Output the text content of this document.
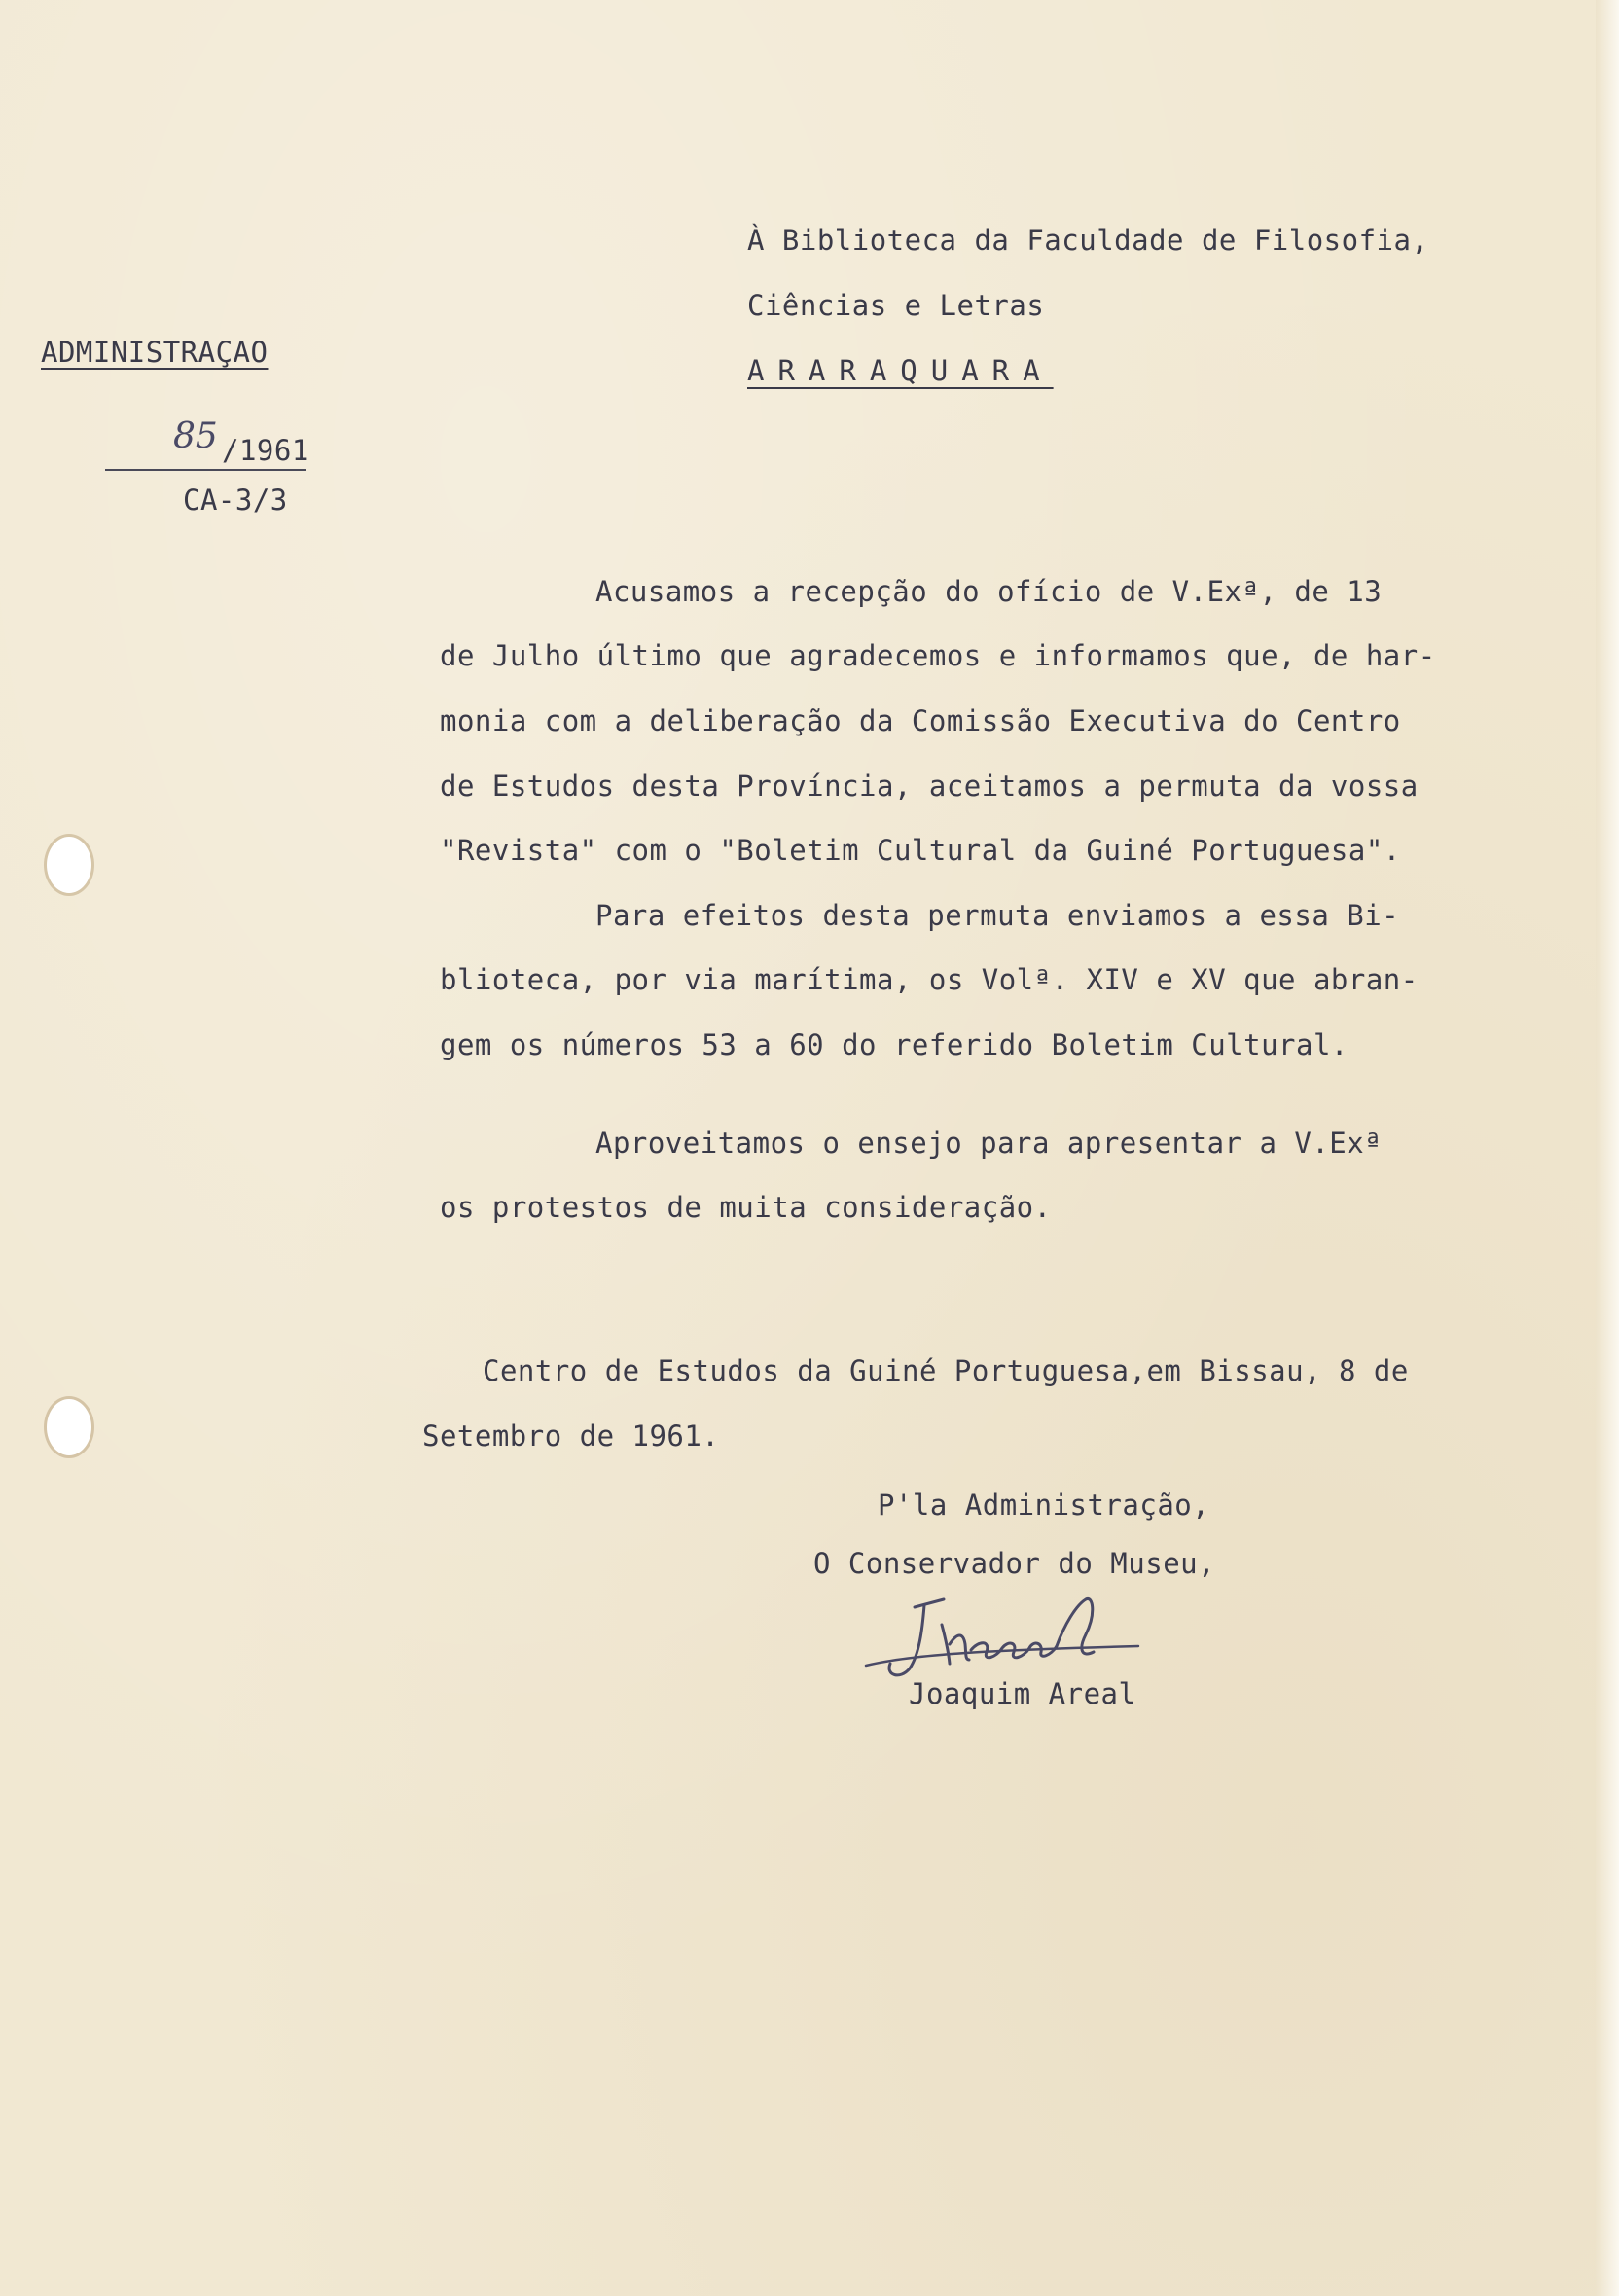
ADMINISTRAÇAO
85 /1961
CA-3/3
À Biblioteca da Faculdade de Filosofia,
Ciências e Letras
ARARAQUARA
Acusamos a recepção do ofício de V.Exª, de 13
de Julho último que agradecemos e informamos que, de har-
monia com a deliberação da Comissão Executiva do Centro
de Estudos desta Província, aceitamos a permuta da vossa
"Revista" com o "Boletim Cultural da Guiné Portuguesa".
Para efeitos desta permuta enviamos a essa Bi-
blioteca, por via marítima, os Volª. XIV e XV que abran-
gem os números 53 a 60 do referido Boletim Cultural.
Aproveitamos o ensejo para apresentar a V.Exª
os protestos de muita consideração.
Centro de Estudos da Guiné Portuguesa,em Bissau, 8 de
Setembro de 1961.
P'la Administração,
O Conservador do Museu,
Joaquim Areal
